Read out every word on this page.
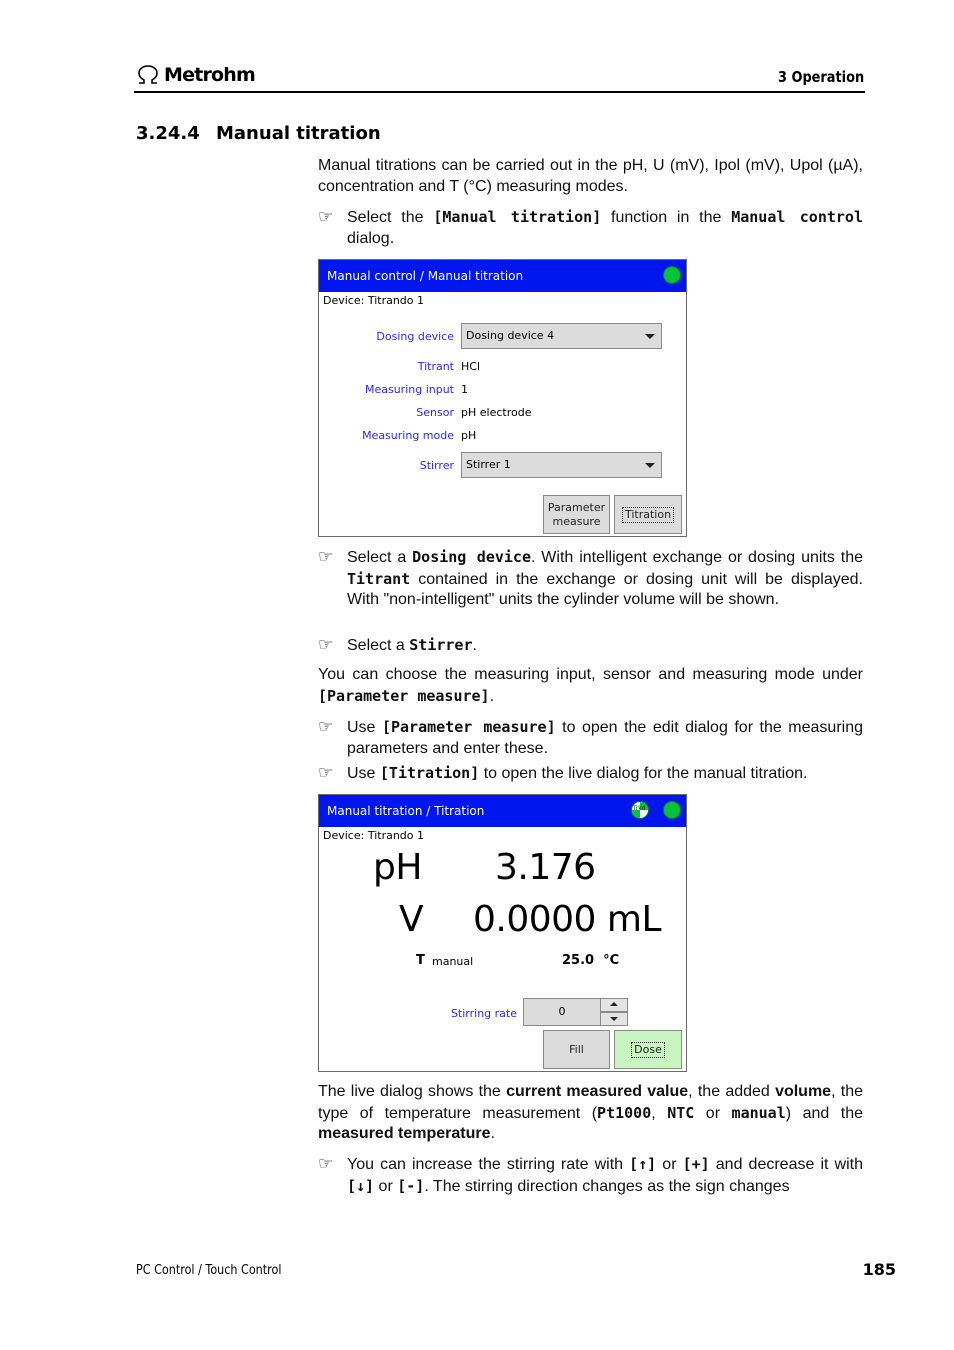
Metrohm	3 Operation
3.24.4 Manual titration
Manual titrations can be carried out in the pH, U (mV), Ipol (mV), Upol (µA), concentration and T (°C) measuring modes.
☞ Select the [Manual titration] function in the Manual control dialog.
Manual control / Manual titration
Device: Titrando 1
Dosing device	Dosing device 4
Titrant HCl
Measuring input 1
Sensor pH electrode
Measuring mode pH
Stirrer	Stirrer 1
Parameter
measure
Titration
☞ Select a Dosing device. With intelligent exchange or dosing units the Titrant contained in the exchange or dosing unit will be displayed. With "non-intelligent" units the cylinder volume will be shown.
☞ Select a Stirrer.
You can choose the measuring input, sensor and measuring mode under [Parameter measure].
☞ Use [Parameter measure] to open the edit dialog for the measuring parameters and enter these.
☞ Use [Titration] to open the live dialog for the manual titration.
Manual titration / Titration	Trkd
Device: Titrando 1
pH 3.176
V 0.0000 mL
T manual	25.0 °C
Stirring rate	0
Fill	Dose
The live dialog shows the current measured value, the added volume, the type of temperature measurement (Pt1000, NTC or manual) and the measured temperature.
☞ You can increase the stirring rate with [↑] or [+] and decrease it with [↓] or [-]. The stirring direction changes as the sign changes
PC Control / Touch Control	185
